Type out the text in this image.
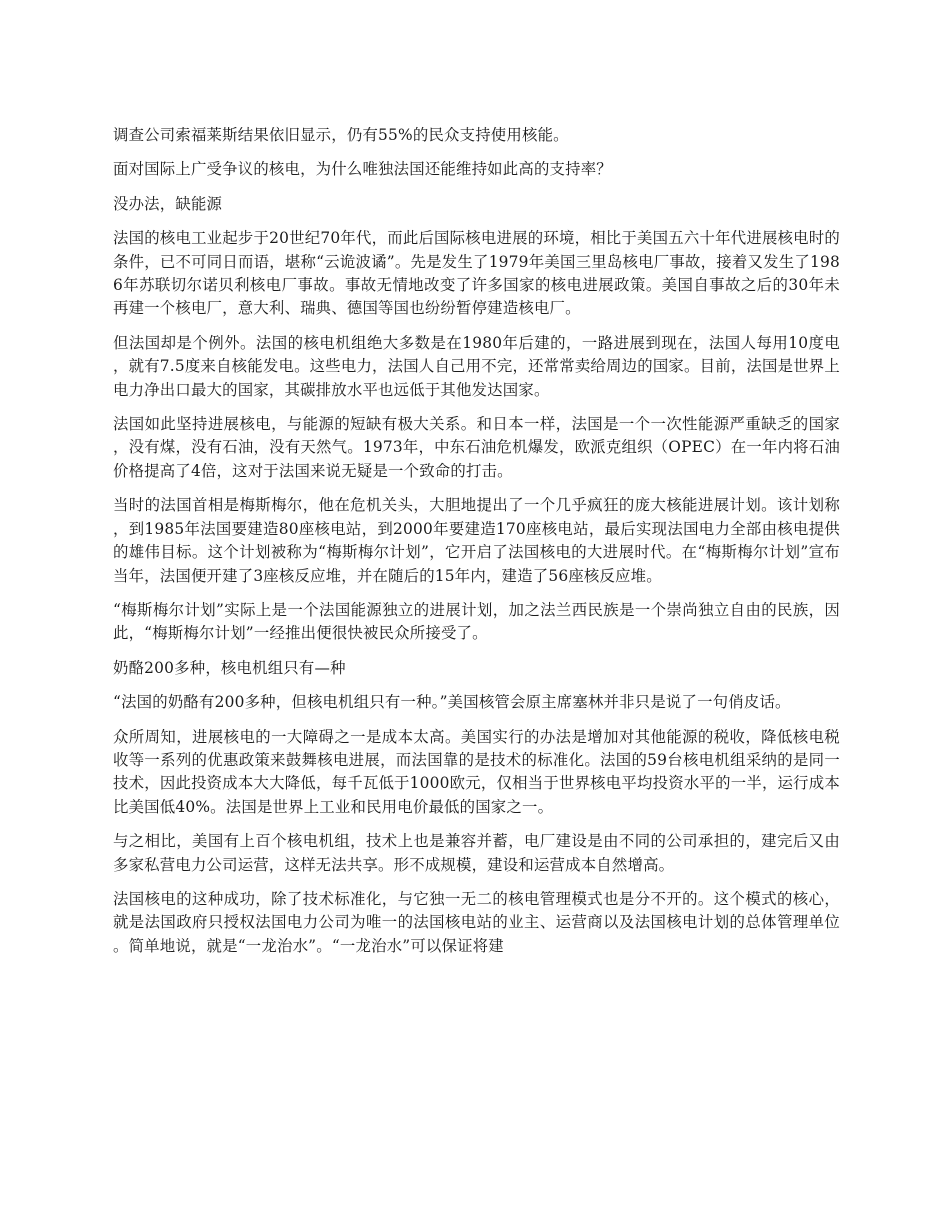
调查公司索福莱斯结果依旧显示，仍有55%的民众支持使用核能。

面对国际上广受争议的核电，为什么唯独法国还能维持如此高的支持率？

没办法，缺能源

法国的核电工业起步于20世纪70年代，而此后国际核电进展的环境，相比于美国五六十年代进展核电时的条件，已不可同日而语，堪称“云诡波谲”。先是发生了1979年美国三里岛核电厂事故，接着又发生了1986年苏联切尔诺贝利核电厂事故。事故无情地改变了许多国家的核电进展政策。美国自事故之后的30年未再建一个核电厂，意大利、瑞典、德国等国也纷纷暂停建造核电厂。

但法国却是个例外。法国的核电机组绝大多数是在1980年后建的，一路进展到现在，法国人每用10度电，就有7.5度来自核能发电。这些电力，法国人自己用不完，还常常卖给周边的国家。目前，法国是世界上电力净出口最大的国家，其碳排放水平也远低于其他发达国家。

法国如此坚持进展核电，与能源的短缺有极大关系。和日本一样，法国是一个一次性能源严重缺乏的国家，没有煤，没有石油，没有天然气。1973年，中东石油危机爆发，欧派克组织（OPEC）在一年内将石油价格提高了4倍，这对于法国来说无疑是一个致命的打击。

当时的法国首相是梅斯梅尔，他在危机关头，大胆地提出了一个几乎疯狂的庞大核能进展计划。该计划称，到1985年法国要建造80座核电站，到2000年要建造170座核电站，最后实现法国电力全部由核电提供的雄伟目标。这个计划被称为“梅斯梅尔计划”，它开启了法国核电的大进展时代。在“梅斯梅尔计划”宣布当年，法国便开建了3座核反应堆，并在随后的15年内，建造了56座核反应堆。

“梅斯梅尔计划”实际上是一个法国能源独立的进展计划，加之法兰西民族是一个崇尚独立自由的民族，因此，“梅斯梅尔计划”一经推出便很快被民众所接受了。

奶酪200多种，核电机组只有—种

“法国的奶酪有200多种，但核电机组只有一种。”美国核管会原主席塞林并非只是说了一句俏皮话。

众所周知，进展核电的一大障碍之一是成本太高。美国实行的办法是增加对其他能源的税收，降低核电税收等一系列的优惠政策来鼓舞核电进展，而法国靠的是技术的标准化。法国的59台核电机组采纳的是同一技术，因此投资成本大大降低，每千瓦低于1000欧元，仅相当于世界核电平均投资水平的一半，运行成本比美国低40%。法国是世界上工业和民用电价最低的国家之一。

与之相比，美国有上百个核电机组，技术上也是兼容并蓄，电厂建设是由不同的公司承担的，建完后又由多家私营电力公司运营，这样无法共享。形不成规模，建设和运营成本自然增高。

法国核电的这种成功，除了技术标准化，与它独一无二的核电管理模式也是分不开的。这个模式的核心，就是法国政府只授权法国电力公司为唯一的法国核电站的业主、运营商以及法国核电计划的总体管理单位。简单地说，就是“一龙治水”。“一龙治水”可以保证将建
